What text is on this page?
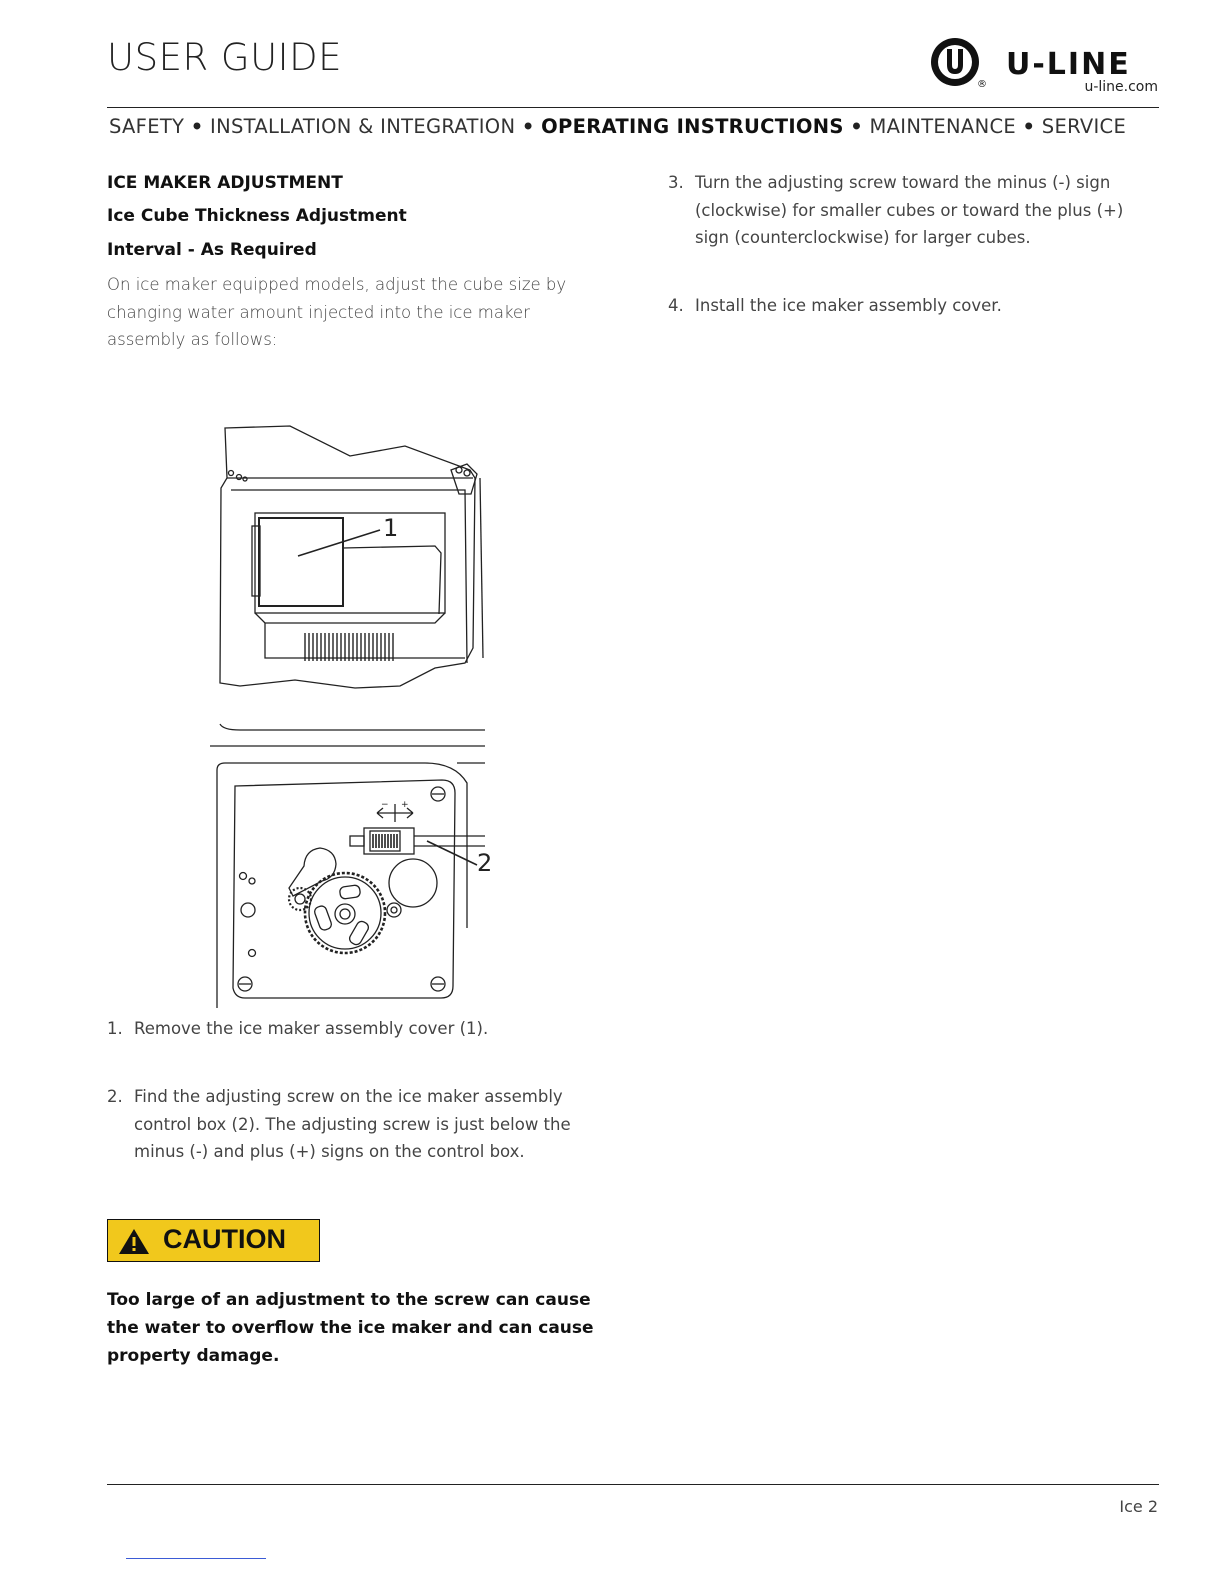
USER GUIDE
®
U-LINE
u-line.com
SAFETY • INSTALLATION & INTEGRATION • OPERATING INSTRUCTIONS • MAINTENANCE • SERVICE
ICE MAKER ADJUSTMENT
Ice Cube Thickness Adjustment
Interval - As Required
On ice maker equipped models, adjust the cube size by changing water amount injected into the ice maker assembly as follows:
1
− +
2
1. Remove the ice maker assembly cover (1).
2. Find the adjusting screw on the ice maker assembly control box (2). The adjusting screw is just below the minus (-) and plus (+) signs on the control box.
3. Turn the adjusting screw toward the minus (-) sign (clockwise) for smaller cubes or toward the plus (+) sign (counterclockwise) for larger cubes.
4. Install the ice maker assembly cover.
CAUTION
Too large of an adjustment to the screw can cause the water to overflow the ice maker and can cause property damage.
Ice 2
